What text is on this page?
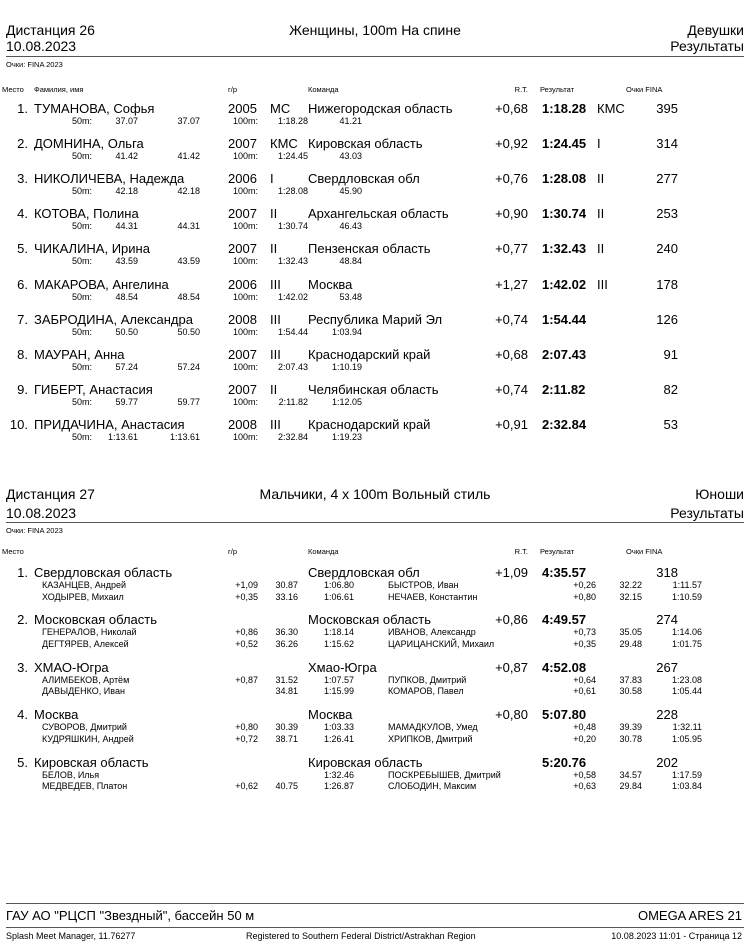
Дистанция 26
10.08.2023
Женщины, 100m На спине	Девушки
Результаты
Очки: FINA 2023
Место Фамилия, имя	г/р	Команда	R.T. Результат	Очки FINA
1. ТУМАНОВА, Софья	2005 МС Нижегородская область	+0,68 1:18.28 КМС	395
50m:	37.07	37.07	100m:	1:18.28	41.21
2. ДОМНИНА, Ольга	2007 КМС Кировская область	+0,92 1:24.45 I	314
50m:	41.42	41.42	100m:	1:24.45	43.03
3. НИКОЛИЧЕВА, Надежда	2006 I	Свердловская обл	+0,76 1:28.08 II	277
50m:	42.18	42.18	100m:	1:28.08	45.90
4. КОТОВА, Полина	2007 II Архангельская область	+0,90 1:30.74 II	253
50m:	44.31	44.31	100m:	1:30.74	46.43
5. ЧИКАЛИНА, Ирина	2007 II Пензенская область	+0,77 1:32.43 II	240
50m:	43.59	43.59	100m:	1:32.43	48.84
6. МАКАРОВА, Ангелина	2006 III Москва	+1,27 1:42.02 III	178
50m:	48.54	48.54	100m:	1:42.02	53.48
7. ЗАБРОДИНА, Александра	2008 III Республика Марий Эл	+0,74 1:54.44	126
50m:	50.50	50.50	100m:	1:54.44	1:03.94
8. МАУРАН, Анна	2007 III Краснодарский край	+0,68 2:07.43	91
50m:	57.24	57.24	100m:	2:07.43	1:10.19
9. ГИБЕРТ, Анастасия	2007 II Челябинская область	+0,74 2:11.82	82
50m:	59.77	59.77	100m:	2:11.82	1:12.05
10. ПРИДАЧИНА, Анастасия	2008 III Краснодарский край	+0,91 2:32.84	53
50m:	1:13.61	1:13.61	100m:	2:32.84	1:19.23
Дистанция 27
10.08.2023
Мальчики, 4 x 100m Вольный стиль	Юноши
Результаты
Очки: FINA 2023
Место	г/р	Команда	R.T. Результат	Очки FINA
1. Свердловская область	Свердловская обл	+1,09 4:35.57	318
КАЗАНЦЕВ, Андрей	+1,09	30.87	1:06.80	БЫСТРОВ, Иван	+0,26	32.22	1:11.57
ХОДЫРЕВ, Михаил	+0,35	33.16	1:06.61	НЕЧАЕВ, Константин	+0,80	32.15	1:10.59
2. Московская область	Московская область	+0,86 4:49.57	274
ГЕНЕРАЛОВ, Николай	+0,86	36.30	1:18.14	ИВАНОВ, Александр	+0,73	35.05	1:14.06
ДЕГТЯРЕВ, Алексей	+0,52	36.26	1:15.62	ЦАРИЦАНСКИЙ, Михаил	+0,35	29.48	1:01.75
3. ХМАО-Югра	Хмао-Югра	+0,87 4:52.08	267
АЛИМБЕКОВ, Артём	+0,87	31.52	1:07.57	ПУПКОВ, Дмитрий	+0,64	37.83	1:23.08
ДАВЫДЕНКО, Иван	34.81	1:15.99	КОМАРОВ, Павел	+0,61	30.58	1:05.44
4. Москва	Москва	+0,80 5:07.80	228
СУВОРОВ, Дмитрий	+0,80	30.39	1:03.33	МАМАДКУЛОВ, Умед	+0,48	39.39	1:32.11
КУДРЯШКИН, Андрей	+0,72	38.71	1:26.41	ХРИПКОВ, Дмитрий	+0,20	30.78	1:05.95
5. Кировская область	Кировская область	5:20.76	202
БЕЛОВ, Илья	1:32.46	ПОСКРЕБЫШЕВ, Дмитрий	+0,58	34.57	1:17.59
МЕДВЕДЕВ, Платон	+0,62	40.75	1:26.87	СЛОБОДИН, Максим	+0,63	29.84	1:03.84
ГАУ АО "РЦСП "Звездный", бассейн 50 м	OMEGA ARES 21
Splash Meet Manager, 11.76277	Registered to Southern Federal District/Astrakhan Region	10.08.2023 11:01 - Страница 12
